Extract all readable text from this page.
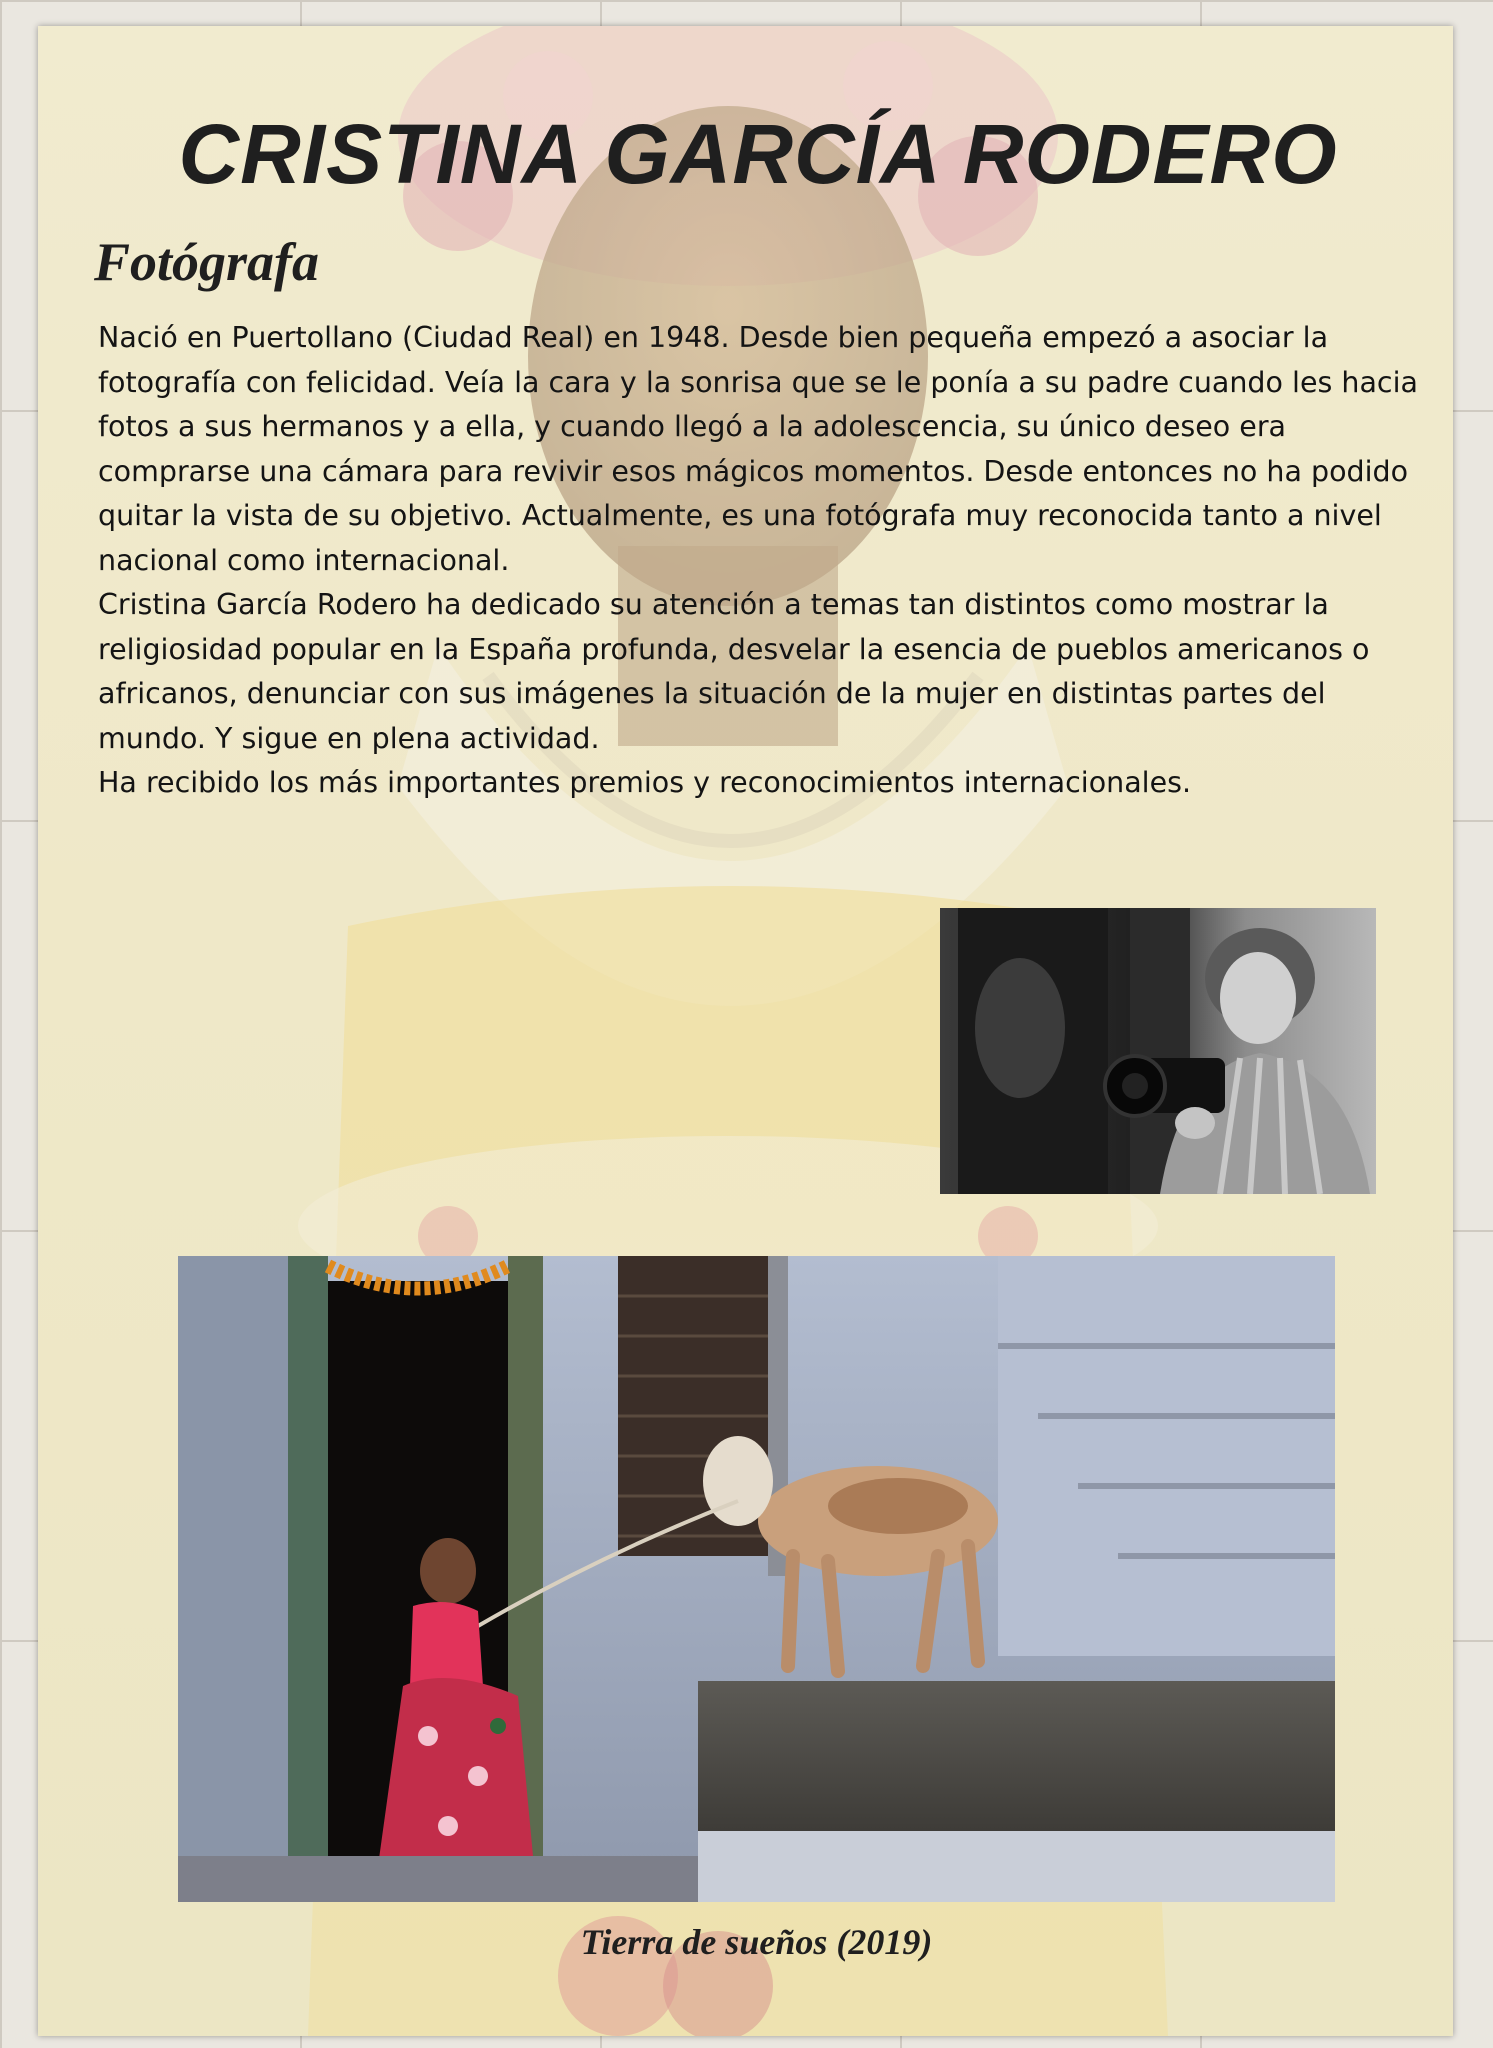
CRISTINA GARCÍA RODERO
Fotógrafa

Nació en Puertollano (Ciudad Real) en 1948. Desde bien pequeña empezó a asociar la fotografía con felicidad. Veía la cara y la sonrisa que se le ponía a su padre cuando les hacia fotos a sus hermanos y a ella, y cuando llegó a la adolescencia, su único deseo era comprarse una cámara para revivir esos mágicos momentos. Desde entonces no ha podido quitar la vista de su objetivo. Actualmente, es una fotógrafa muy reconocida tanto a nivel nacional como internacional.

Cristina García Rodero ha dedicado su atención a temas tan distintos como mostrar la religiosidad popular en la España profunda, desvelar la esencia de pueblos americanos o africanos, denunciar con sus imágenes la situación de la mujer en distintas partes del mundo. Y sigue en plena actividad.

Ha recibido los más importantes premios y reconocimientos internacionales.

Tierra de sueños (2019)
